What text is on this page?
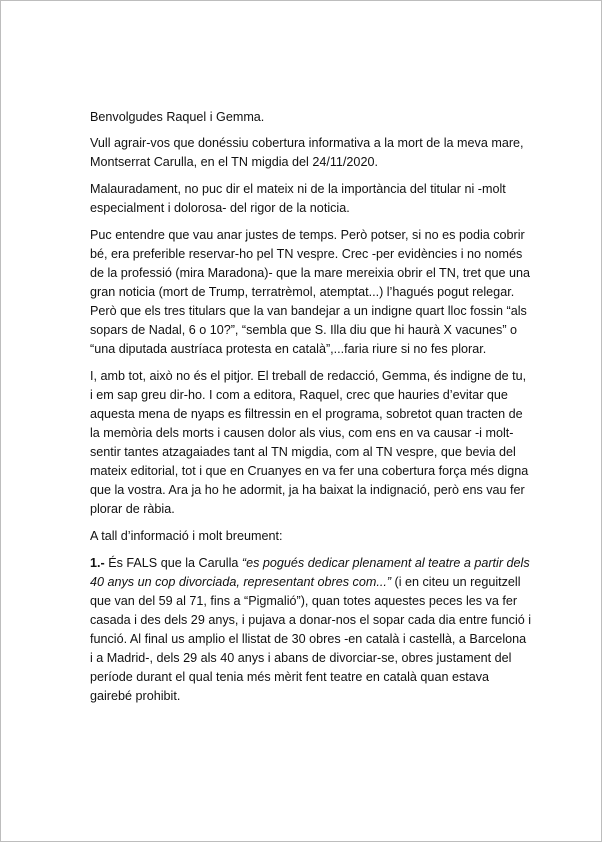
Benvolgudes Raquel i Gemma.

Vull agrair-vos que donéssiu cobertura informativa a la mort de la meva mare, Montserrat Carulla, en el TN migdia del 24/11/2020.

Malauradament, no puc dir el mateix ni de la importància del titular ni -molt especialment i dolorosa- del rigor de la noticia.

Puc entendre que vau anar justes de temps. Però potser, si no es podia cobrir bé, era preferible reservar-ho pel TN vespre. Crec -per evidències i no només de la professió (mira Maradona)- que la mare mereixia obrir el TN, tret que una gran noticia (mort de Trump, terratrèmol, atemptat...) l’hagués pogut relegar. Però que els tres titulars que la van bandejar a un indigne quart lloc fossin “als sopars de Nadal, 6 o 10?”, “sembla que S. Illa diu que hi haurà X vacunes” o “una diputada austríaca protesta en català”,...faria riure si no fes plorar.

I, amb tot, això no és el pitjor. El treball de redacció, Gemma, és indigne de tu, i em sap greu dir-ho. I com a editora, Raquel, crec que hauries d’evitar que aquesta mena de nyaps es filtressin en el programa, sobretot quan tracten de la memòria dels morts i causen dolor als vius, com ens en va causar -i molt- sentir tantes atzagaiades tant al TN migdia, com al TN vespre, que bevia del mateix editorial, tot i que en Cruanyes en va fer una cobertura força més digna que la vostra. Ara ja ho he adormit, ja ha baixat la indignació, però ens vau fer plorar de ràbia.

A tall d’informació i molt breument:

1.- És FALS que la Carulla “es pogués dedicar plenament al teatre a partir dels 40 anys un cop divorciada, representant obres com...” (i en citeu un reguitzell que van del 59 al 71, fins a “Pigmalió”), quan totes aquestes peces les va fer casada i des dels 29 anys, i pujava a donar-nos el sopar cada dia entre funció i funció. Al final us amplio el llistat de 30 obres -en català i castellà, a Barcelona i a Madrid-, dels 29 als 40 anys i abans de divorciar-se, obres justament del període durant el qual tenia més mèrit fent teatre en català quan estava gairebé prohibit.
